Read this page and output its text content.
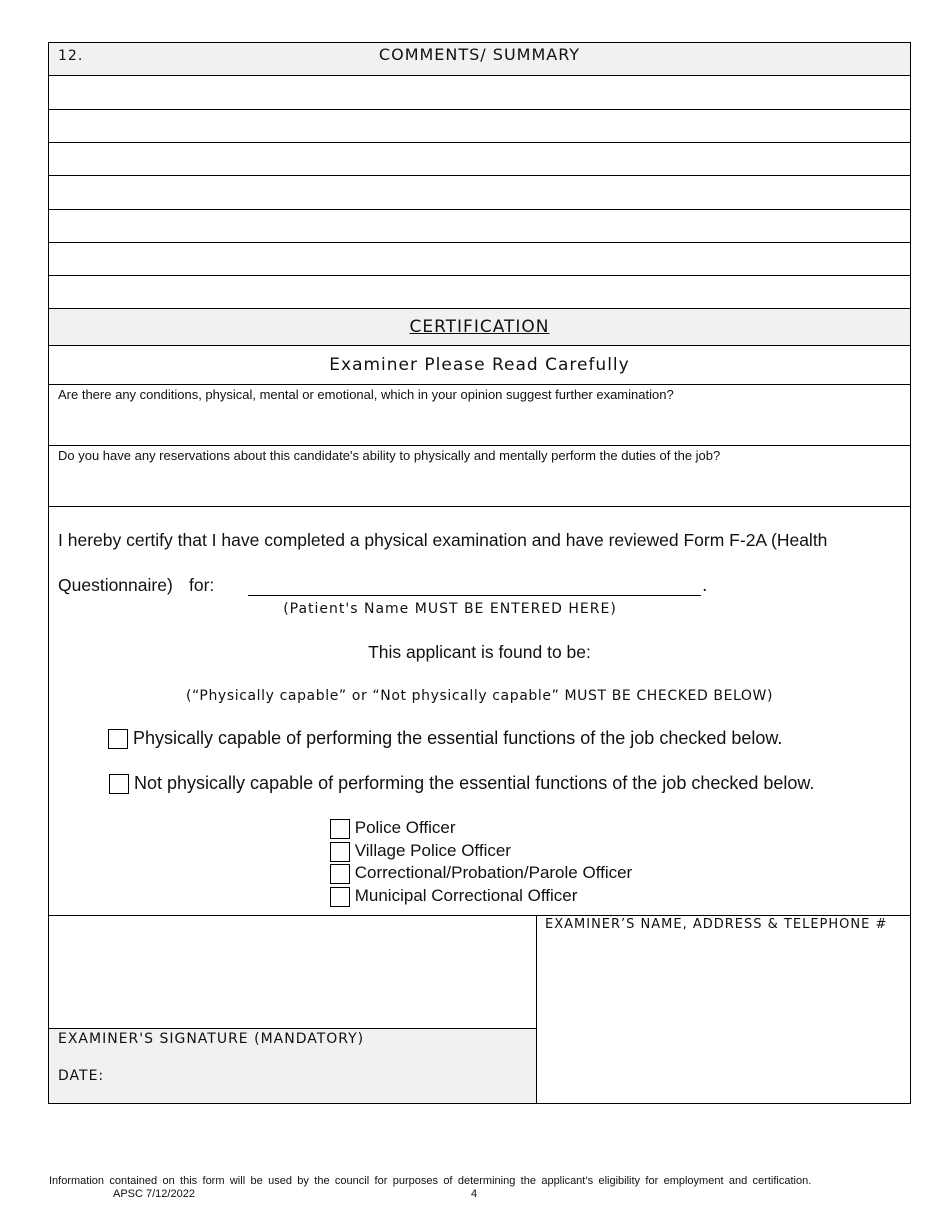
12.	COMMENTS/ SUMMARY
CERTIFICATION
Examiner Please Read Carefully
Are there any conditions, physical, mental or emotional, which in your opinion suggest further examination?
Do you have any reservations about this candidate's ability to physically and mentally perform the duties of the job?
I hereby certify that I have completed a physical examination and have reviewed Form F-2A (Health
Questionnaire) for:	.
(Patient's Name MUST BE ENTERED HERE)
This applicant is found to be:
(“Physically capable” or “Not physically capable” MUST BE CHECKED BELOW)
Physically capable of performing the essential functions of the job checked below.
Not physically capable of performing the essential functions of the job checked below.
Police Officer
Village Police Officer
Correctional/Probation/Parole Officer
Municipal Correctional Officer
EXAMINER'S SIGNATURE (MANDATORY)
DATE:
EXAMINER’S NAME, ADDRESS & TELEPHONE #
Information contained on this form will be used by the council for purposes of determining the applicant’s eligibility for employment and certification.
APSC 7/12/2022	4
